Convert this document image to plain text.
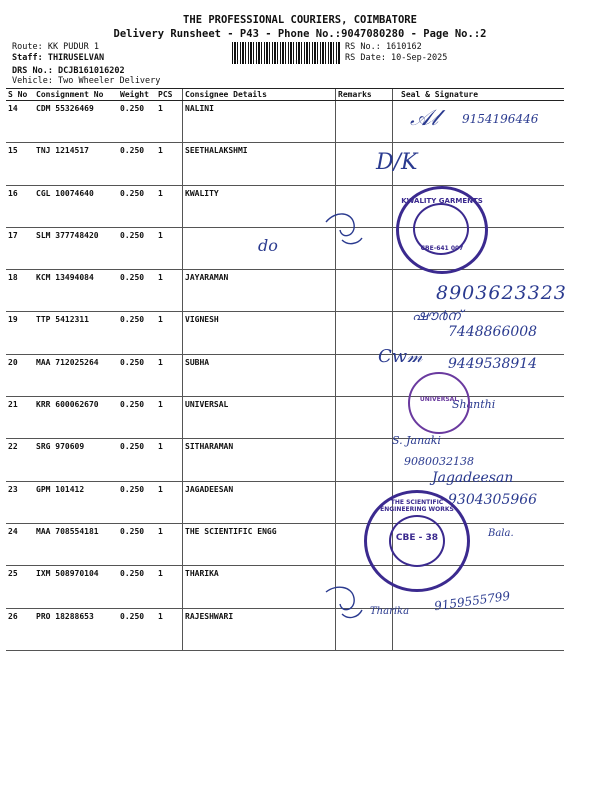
THE PROFESSIONAL COURIERS, COIMBATORE
Delivery Runsheet - P43 - Phone No.:9047080280 - Page No.:2
Route: KK PUDUR 1
Staff: THIRUSELVAN
DRS No.: DCJB161016202
Vehicle: Two Wheeler Delivery
RS No.: 1610162
RS Date: 10-Sep-2025
S No	Consignment No	Weight	PCS	Consignee Details	Remarks	Seal & Signature
14	CDM 55326469	0.250	1	NALINI		
15	TNJ 1214517	0.250	1	SEETHALAKSHMI		
16	CGL 10074640	0.250	1	KWALITY		
17	SLM 377748420	0.250	1			
18	KCM 13494084	0.250	1	JAYARAMAN		
19	TTP 5412311	0.250	1	VIGNESH		
20	MAA 712025264	0.250	1	SUBHA		
21	KRR 600062670	0.250	1	UNIVERSAL		
22	SRG 970609	0.250	1	SITHARAMAN		
23	GPM 101412	0.250	1	JAGADEESAN		
24	MAA 708554181	0.250	1	THE SCIENTIFIC ENGG		
25	IXM 508970104	0.250	1	THARIKA		
26	PRO 18288653	0.250	1	RAJESHWARI		
𝒜𝓁 9154196446
D/K
do
8903623323
ഷൗ൪ന്
7448866008
Cw𝓂 9449538914
Shanthi
S. Janaki
9080032138
Jagadeesan
9304305966
Bala.
Tharika 9159555799
KWALITY GARMENTS
CBE-641 007
UNIVERSAL
THE SCIENTIFIC ENGINEERING WORKS
CBE - 38
